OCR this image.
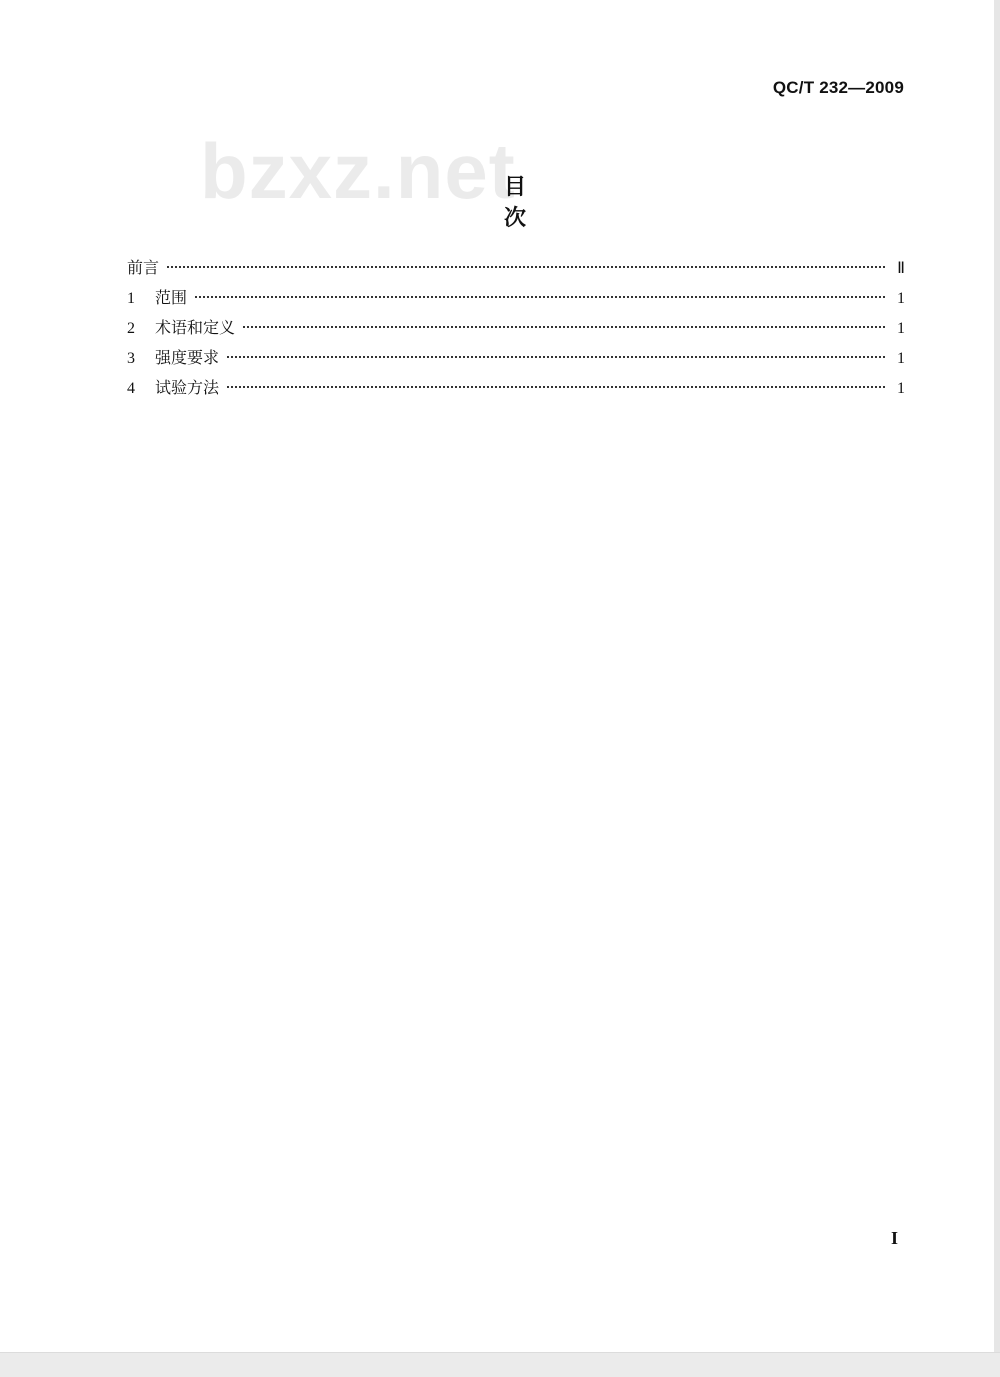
QC/T 232—2009
bzxz.net
目 次
前言	Ⅱ
1	范围	1
2	术语和定义	1
3	强度要求	1
4	试验方法	1
I
